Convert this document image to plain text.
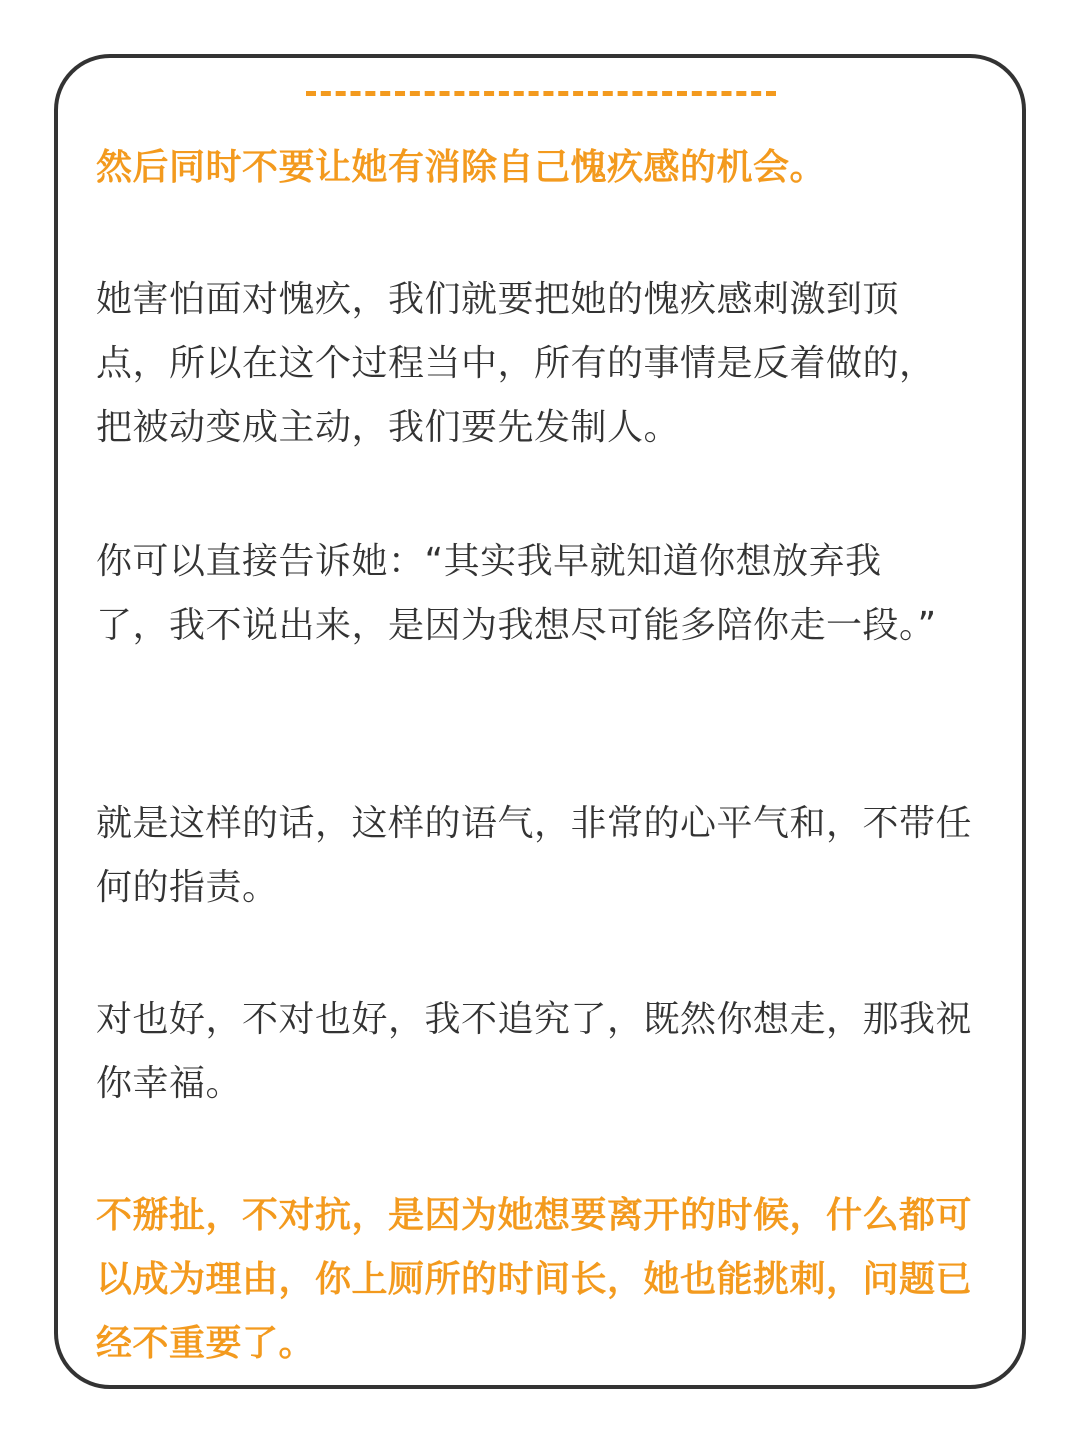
然后同时不要让她有消除自己愧疚感的机会。

她害怕面对愧疚，我们就要把她的愧疚感刺激到顶点，所以在这个过程当中，所有的事情是反着做的，把被动变成主动，我们要先发制人。

你可以直接告诉她：“其实我早就知道你想放弃我了，我不说出来，是因为我想尽可能多陪你走一段。”

就是这样的话，这样的语气，非常的心平气和，不带任何的指责。

对也好，不对也好，我不追究了，既然你想走，那我祝你幸福。

不掰扯，不对抗，是因为她想要离开的时候，什么都可以成为理由，你上厕所的时间长，她也能挑刺，问题已经不重要了。
